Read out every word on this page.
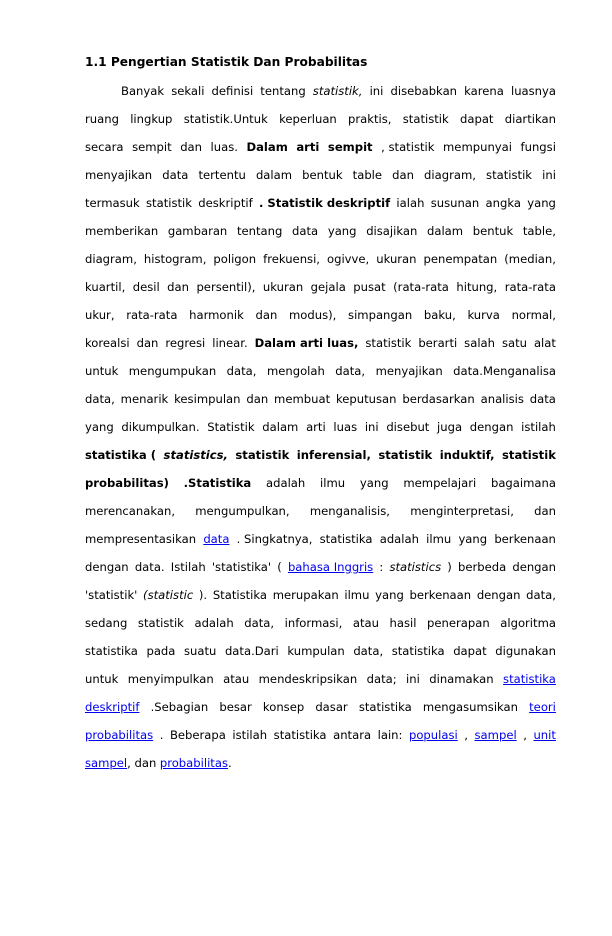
1.1 Pengertian Statistik Dan Probabilitas
Banyak sekali definisi tentang statistik, ini disebabkan karena luasnya
ruang lingkup statistik.Untuk keperluan praktis, statistik dapat diartikan
secara sempit dan luas. Dalam arti sempit , statistik mempunyai fungsi
menyajikan data tertentu dalam bentuk table dan diagram, statistik ini
termasuk statistik deskriptif . Statistik deskriptif ialah susunan angka yang
memberikan gambaran tentang data yang disajikan dalam bentuk table,
diagram, histogram, poligon frekuensi, ogivve, ukuran penempatan (median,
kuartil, desil dan persentil), ukuran gejala pusat (rata-rata hitung, rata-rata
ukur, rata-rata harmonik dan modus), simpangan baku, kurva normal,
korealsi dan regresi linear. Dalam arti luas, statistik berarti salah satu alat
untuk mengumpukan data, mengolah data, menyajikan data.Menganalisa
data, menarik kesimpulan dan membuat keputusan berdasarkan analisis data
yang dikumpulkan. Statistik dalam arti luas ini disebut juga dengan istilah
statistika ( statistics, statistik inferensial, statistik induktif, statistik
probabilitas) .Statistika adalah ilmu yang mempelajari bagaimana
merencanakan, mengumpulkan, menganalisis, menginterpretasi, dan
mempresentasikan data . Singkatnya, statistika adalah ilmu yang berkenaan
dengan data. Istilah 'statistika' ( bahasa Inggris : statistics ) berbeda dengan
'statistik' (statistic ). Statistika merupakan ilmu yang berkenaan dengan data,
sedang statistik adalah data, informasi, atau hasil penerapan algoritma
statistika pada suatu data.Dari kumpulan data, statistika dapat digunakan
untuk menyimpulkan atau mendeskripsikan data; ini dinamakan statistika
deskriptif .Sebagian besar konsep dasar statistika mengasumsikan teori
probabilitas . Beberapa istilah statistika antara lain: populasi , sampel , unit
sampel , dan probabilitas .
